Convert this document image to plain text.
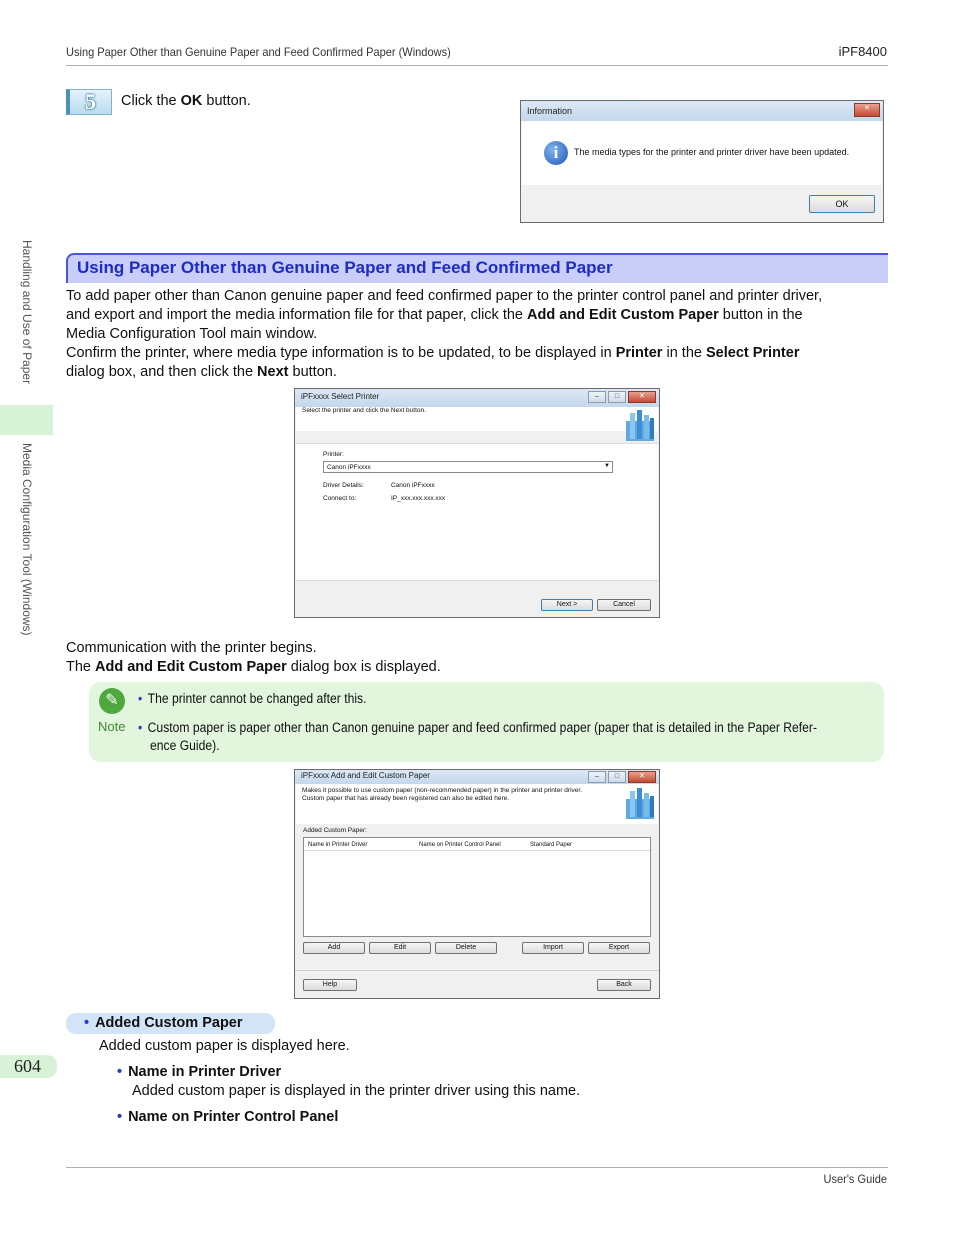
Using Paper Other than Genuine Paper and Feed Confirmed Paper (Windows)	iPF8400
Handling and Use of Paper
Media Configuration Tool (Windows)
604
5	Click the OK button.
Information	✕
i	The media types for the printer and printer driver have been updated.
OK
Using Paper Other than Genuine Paper and Feed Confirmed Paper
To add paper other than Canon genuine paper and feed confirmed paper to the printer control panel and printer driver,
and export and import the media information file for that paper, click the Add and Edit Custom Paper button in the
Media Configuration Tool main window.
Confirm the printer, where media type information is to be updated, to be displayed in Printer in the Select Printer
dialog box, and then click the Next button.
iPFxxxx Select Printer	–	□	✕
Select the printer and click the Next button.
Printer:
Canon iPFxxxx	▼
Driver Details:	Canon iPFxxxx
Connect to:	IP_xxx.xxx.xxx.xxx
Next >	Cancel
Communication with the printer begins.
The Add and Edit Custom Paper dialog box is displayed.
✎
Note
• The printer cannot be changed after this.
• Custom paper is paper other than Canon genuine paper and feed confirmed paper (paper that is detailed in the Paper Refer-
ence Guide).
iPFxxxx Add and Edit Custom Paper	–	□	✕
Makes it possible to use custom paper (non-recommended paper) in the printer and printer driver.
Custom paper that has already been registered can also be edited here.
Added Custom Paper:
Name in Printer Driver	Name on Printer Control Panel	Standard Paper
Add	Edit	Delete	Import	Export
Help	Back
• Added Custom Paper
Added custom paper is displayed here.
• Name in Printer Driver
Added custom paper is displayed in the printer driver using this name.
• Name on Printer Control Panel
User's Guide
